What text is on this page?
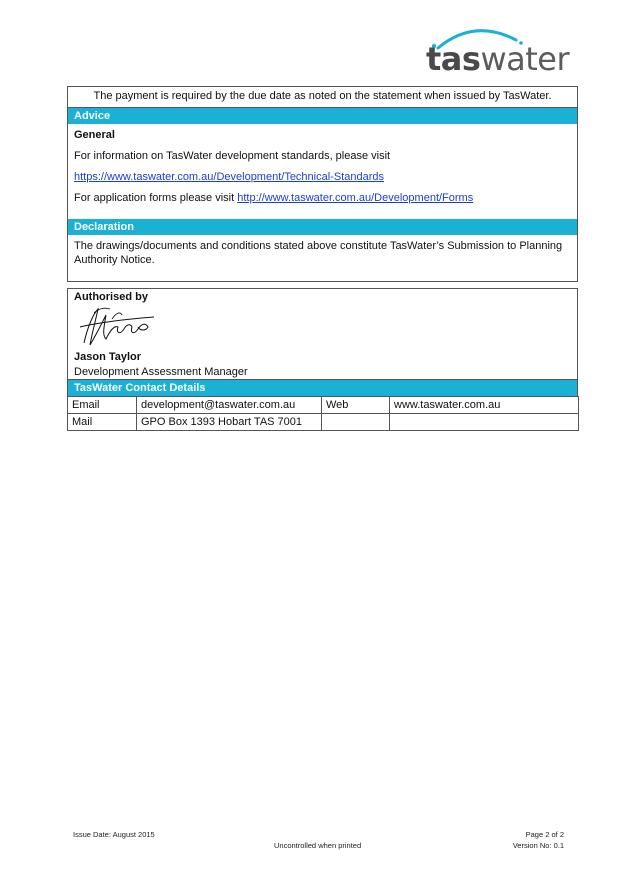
taswater
The payment is required by the due date as noted on the statement when issued by TasWater.
Advice

General

For information on TasWater development standards, please visit

https://www.taswater.com.au/Development/Technical-Standards

For application forms please visit http://www.taswater.com.au/Development/Forms

Declaration
The drawings/documents and conditions stated above constitute TasWater’s Submission to Planning Authority Notice.
Authorised by
Jason Taylor
Development Assessment Manager
TasWater Contact Details
Email	development@taswater.com.au	Web	www.taswater.com.au
Mail	GPO Box 1393 Hobart TAS 7001		
Issue Date: August 2015
Uncontrolled when printed
Page 2 of 2
Version No: 0.1
